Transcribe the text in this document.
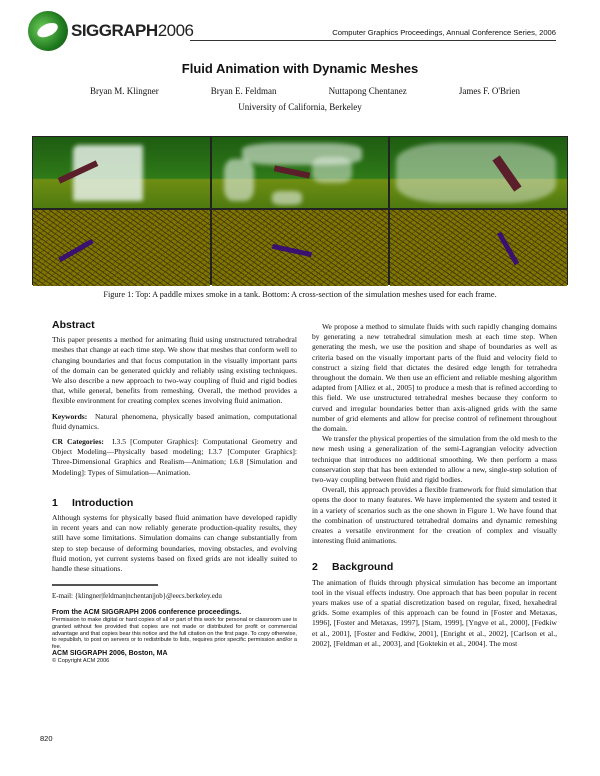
SIGGRAPH2006	Computer Graphics Proceedings, Annual Conference Series, 2006
Fluid Animation with Dynamic Meshes
Bryan M. Klingner	Bryan E. Feldman	Nuttapong Chentanez	James F. O'Brien
University of California, Berkeley
Figure 1: Top: A paddle mixes smoke in a tank. Bottom: A cross-section of the simulation meshes used for each frame.
Abstract

This paper presents a method for animating fluid using unstructured tetrahedral meshes that change at each time step. We show that meshes that conform well to changing boundaries and that focus computation in the visually important parts of the domain can be generated quickly and reliably using existing techniques. We also describe a new approach to two-way coupling of fluid and rigid bodies that, while general, benefits from remeshing. Overall, the method provides a flexible environment for creating complex scenes involving fluid animation.

Keywords: Natural phenomena, physically based animation, computational fluid dynamics.

CR Categories: I.3.5 [Computer Graphics]: Computational Geometry and Object Modeling—Physically based modeling; I.3.7 [Computer Graphics]: Three-Dimensional Graphics and Realism—Animation; I.6.8 [Simulation and Modeling]: Types of Simulation—Animation.

1 Introduction

Although systems for physically based fluid animation have developed rapidly in recent years and can now reliably generate production-quality results, they still have some limitations. Simulation domains can change substantially from step to step because of deforming boundaries, moving obstacles, and evolving fluid motion, yet current systems based on fixed grids are not ideally suited to handle these situations.

E-mail: {klingner|feldman|nchentan|job}@eecs.berkeley.edu

From the ACM SIGGRAPH 2006 conference proceedings.
Permission to make digital or hard copies of all or part of this work for personal or classroom use is granted without fee provided that copies are not made or distributed for profit or commercial advantage and that copies bear this notice and the full citation on the first page. To copy otherwise, to republish, to post on servers or to redistribute to lists, requires prior specific permission and/or a fee.
ACM SIGGRAPH 2006, Boston, MA
© Copyright ACM 2006

We propose a method to simulate fluids with such rapidly changing domains by generating a new tetrahedral simulation mesh at each time step. When generating the mesh, we use the position and shape of boundaries as well as criteria based on the visually important parts of the fluid and velocity field to construct a sizing field that dictates the desired edge length for tetrahedra throughout the domain. We then use an efficient and reliable meshing algorithm adapted from [Alliez et al., 2005] to produce a mesh that is refined according to this field. We use unstructured tetrahedral meshes because they conform to curved and irregular boundaries better than axis-aligned grids with the same number of grid elements and allow for precise control of refinement throughout the domain.

We transfer the physical properties of the simulation from the old mesh to the new mesh using a generalization of the semi-Lagrangian velocity advection technique that introduces no additional smoothing. We then perform a mass conservation step that has been extended to allow a new, single-step solution of two-way coupling between fluid and rigid bodies.

Overall, this approach provides a flexible framework for fluid simulation that opens the door to many features. We have implemented the system and tested it in a variety of scenarios such as the one shown in Figure 1. We have found that the combination of unstructured tetrahedral domains and dynamic remeshing creates a versatile environment for the creation of complex and visually interesting fluid animations.

2 Background

The animation of fluids through physical simulation has become an important tool in the visual effects industry. One approach that has been popular in recent years makes use of a spatial discretization based on regular, fixed, hexahedral grids. Some examples of this approach can be found in [Foster and Metaxas, 1996], [Foster and Metaxas, 1997], [Stam, 1999], [Yngve et al., 2000], [Fedkiw et al., 2001], [Foster and Fedkiw, 2001], [Enright et al., 2002], [Carlson et al., 2002], [Feldman et al., 2003], and [Goktekin et al., 2004]. The most

820
